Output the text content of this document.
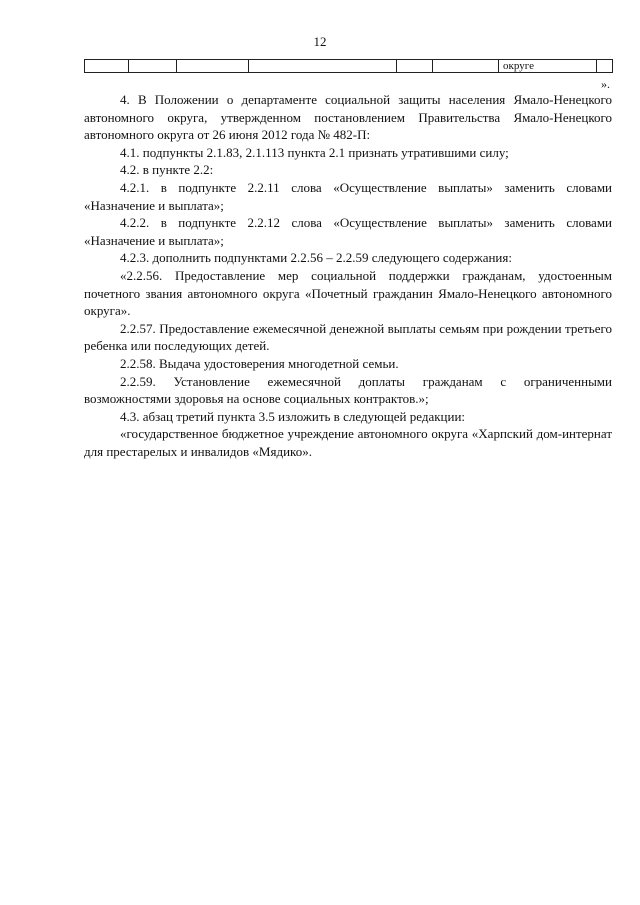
12
						округе	
».

4. В Положении о департаменте социальной защиты населения Ямало-Ненецкого автономного округа, утвержденном постановлением Правительства Ямало-Ненецкого автономного округа от 26 июня 2012 года № 482-П:

4.1. подпункты 2.1.83, 2.1.113 пункта 2.1 признать утратившими силу;

4.2. в пункте 2.2:

4.2.1. в подпункте 2.2.11 слова «Осуществление выплаты» заменить словами «Назначение и выплата»;

4.2.2. в подпункте 2.2.12 слова «Осуществление выплаты» заменить словами «Назначение и выплата»;

4.2.3. дополнить подпунктами 2.2.56 – 2.2.59 следующего содержания:

«2.2.56. Предоставление мер социальной поддержки гражданам, удостоенным почетного звания автономного округа «Почетный гражданин Ямало-Ненецкого автономного округа».

2.2.57. Предоставление ежемесячной денежной выплаты семьям при рождении третьего ребенка или последующих детей.

2.2.58. Выдача удостоверения многодетной семьи.

2.2.59. Установление ежемесячной доплаты гражданам с ограниченными возможностями здоровья на основе социальных контрактов.»;

4.3. абзац третий пункта 3.5 изложить в следующей редакции:

«государственное бюджетное учреждение автономного округа «Харпский дом-интернат для престарелых и инвалидов «Мядико».
